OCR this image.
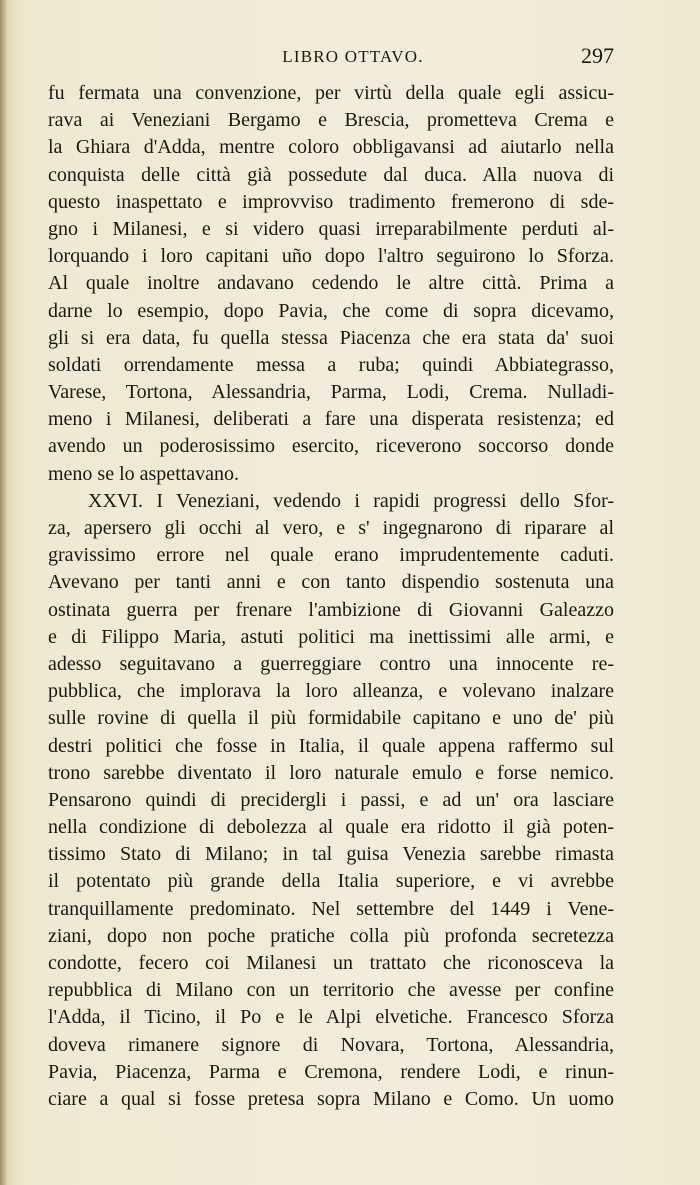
LIBRO OTTAVO.	297
fu fermata una convenzione, per virtù della quale egli assicu-
rava ai Veneziani Bergamo e Brescia, prometteva Crema e
la Ghiara d'Adda, mentre coloro obbligavansi ad aiutarlo nella
conquista delle città già possedute dal duca. Alla nuova di
questo inaspettato e improvviso tradimento fremerono di sde-
gno i Milanesi, e si videro quasi irreparabilmente perduti al-
lorquando i loro capitani uño dopo l'altro seguirono lo Sforza.
Al quale inoltre andavano cedendo le altre città. Prima a
darne lo esempio, dopo Pavia, che come di sopra dicevamo,
gli si era data, fu quella stessa Piacenza che era stata da' suoi
soldati orrendamente messa a ruba; quindi Abbiategrasso,
Varese, Tortona, Alessandria, Parma, Lodi, Crema. Nulladi-
meno i Milanesi, deliberati a fare una disperata resistenza; ed
avendo un poderosissimo esercito, riceverono soccorso donde
meno se lo aspettavano.
XXVI. I Veneziani, vedendo i rapidi progressi dello Sfor-
za, apersero gli occhi al vero, e s' ingegnarono di riparare al
gravissimo errore nel quale erano imprudentemente caduti.
Avevano per tanti anni e con tanto dispendio sostenuta una
ostinata guerra per frenare l'ambizione di Giovanni Galeazzo
e di Filippo Maria, astuti politici ma inettissimi alle armi, e
adesso seguitavano a guerreggiare contro una innocente re-
pubblica, che implorava la loro alleanza, e volevano inalzare
sulle rovine di quella il più formidabile capitano e uno de' più
destri politici che fosse in Italia, il quale appena raffermo sul
trono sarebbe diventato il loro naturale emulo e forse nemico.
Pensarono quindi di precidergli i passi, e ad un' ora lasciare
nella condizione di debolezza al quale era ridotto il già poten-
tissimo Stato di Milano; in tal guisa Venezia sarebbe rimasta
il potentato più grande della Italia superiore, e vi avrebbe
tranquillamente predominato. Nel settembre del 1449 i Vene-
ziani, dopo non poche pratiche colla più profonda secretezza
condotte, fecero coi Milanesi un trattato che riconosceva la
repubblica di Milano con un territorio che avesse per confine
l'Adda, il Ticino, il Po e le Alpi elvetiche. Francesco Sforza
doveva rimanere signore di Novara, Tortona, Alessandria,
Pavia, Piacenza, Parma e Cremona, rendere Lodi, e rinun-
ciare a qual si fosse pretesa sopra Milano e Como. Un uomo
